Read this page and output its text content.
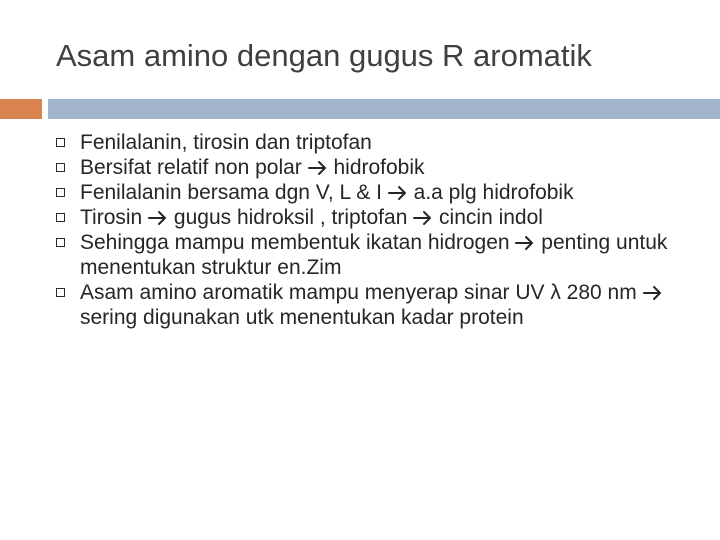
Asam amino dengan gugus R aromatik
Fenilalanin, tirosin dan triptofan
Bersifat relatif non polar  hidrofobik
Fenilalanin bersama dgn V, L & I  a.a plg hidrofobik
Tirosin  gugus hidroksil , triptofan  cincin indol
Sehingga mampu membentuk ikatan hidrogen  penting untuk menentukan struktur en.Zim
Asam amino aromatik mampu menyerap sinar UV λ 280 nm  sering digunakan utk menentukan kadar protein
